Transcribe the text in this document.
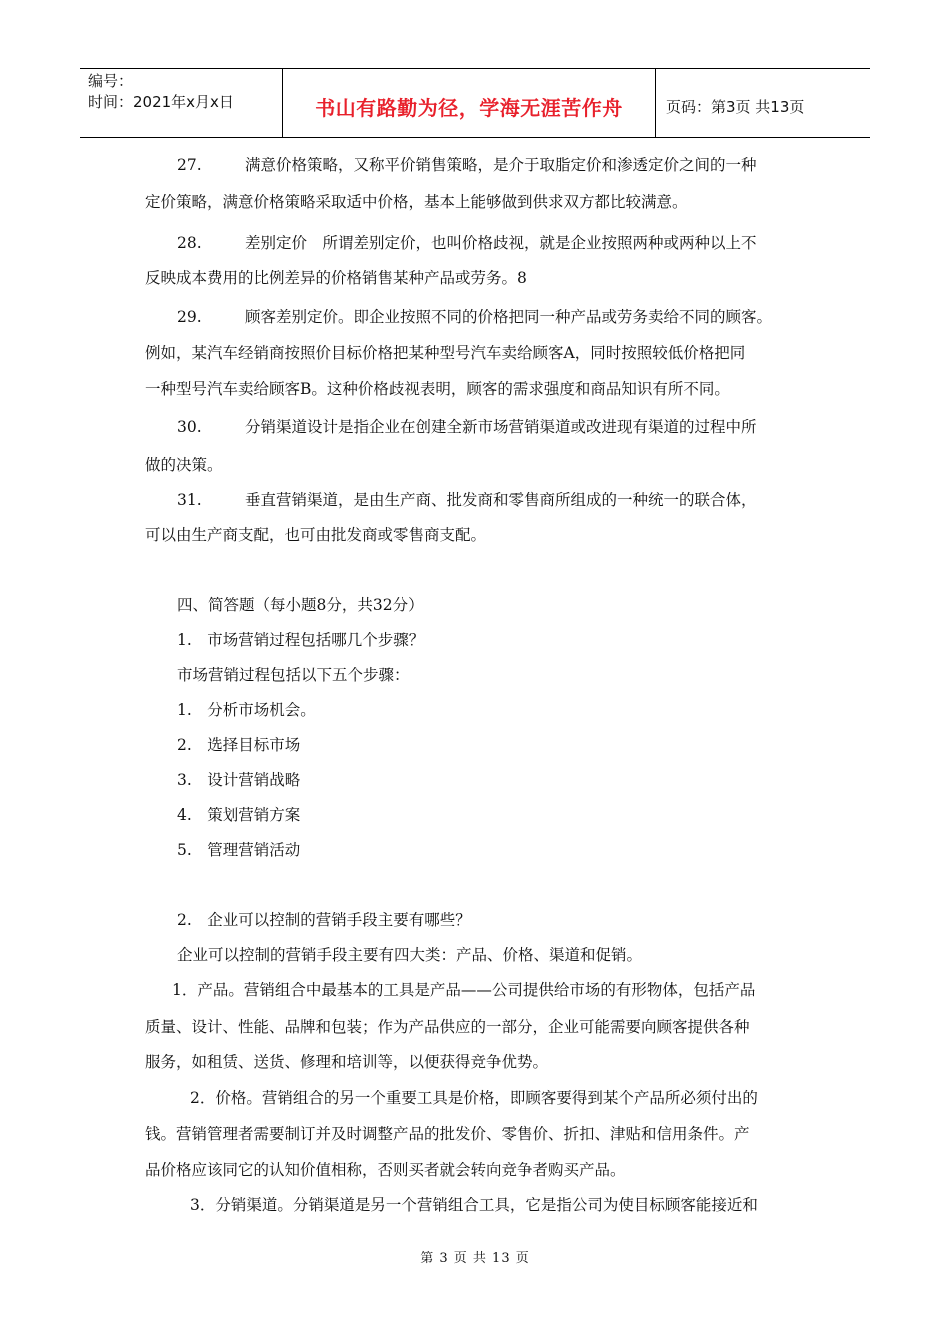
编号：
时间：2021年x月x日	书山有路勤为径，学海无涯苦作舟	页码：第3页 共13页
27.	满意价格策略，又称平价销售策略，是介于取脂定价和渗透定价之间的一种
定价策略，满意价格策略采取适中价格，基本上能够做到供求双方都比较满意。
28.	差别定价　所谓差别定价，也叫价格歧视，就是企业按照两种或两种以上不
反映成本费用的比例差异的价格销售某种产品或劳务。8
29.	顾客差别定价。即企业按照不同的价格把同一种产品或劳务卖给不同的顾客。
例如，某汽车经销商按照价目标价格把某种型号汽车卖给顾客A，同时按照较低价格把同
一种型号汽车卖给顾客B。这种价格歧视表明，顾客的需求强度和商品知识有所不同。
30.	分销渠道设计是指企业在创建全新市场营销渠道或改进现有渠道的过程中所
做的决策。
31.	垂直营销渠道，是由生产商、批发商和零售商所组成的一种统一的联合体，
可以由生产商支配，也可由批发商或零售商支配。
四、简答题（每小题8分，共32分）
1.　市场营销过程包括哪几个步骤？
市场营销过程包括以下五个步骤：
1.　分析市场机会。
2.　选择目标市场
3.　设计营销战略
4.　策划营销方案
5.　管理营销活动
2.　企业可以控制的营销手段主要有哪些？
企业可以控制的营销手段主要有四大类：产品、价格、渠道和促销。
1．产品。营销组合中最基本的工具是产品——公司提供给市场的有形物体，包括产品
质量、设计、性能、品牌和包装；作为产品供应的一部分，企业可能需要向顾客提供各种
服务，如租赁、送货、修理和培训等，以便获得竞争优势。
2．价格。营销组合的另一个重要工具是价格，即顾客要得到某个产品所必须付出的
钱。营销管理者需要制订并及时调整产品的批发价、零售价、折扣、津贴和信用条件。产
品价格应该同它的认知价值相称，否则买者就会转向竞争者购买产品。
3．分销渠道。分销渠道是另一个营销组合工具，它是指公司为使目标顾客能接近和
第 3 页 共 13 页
